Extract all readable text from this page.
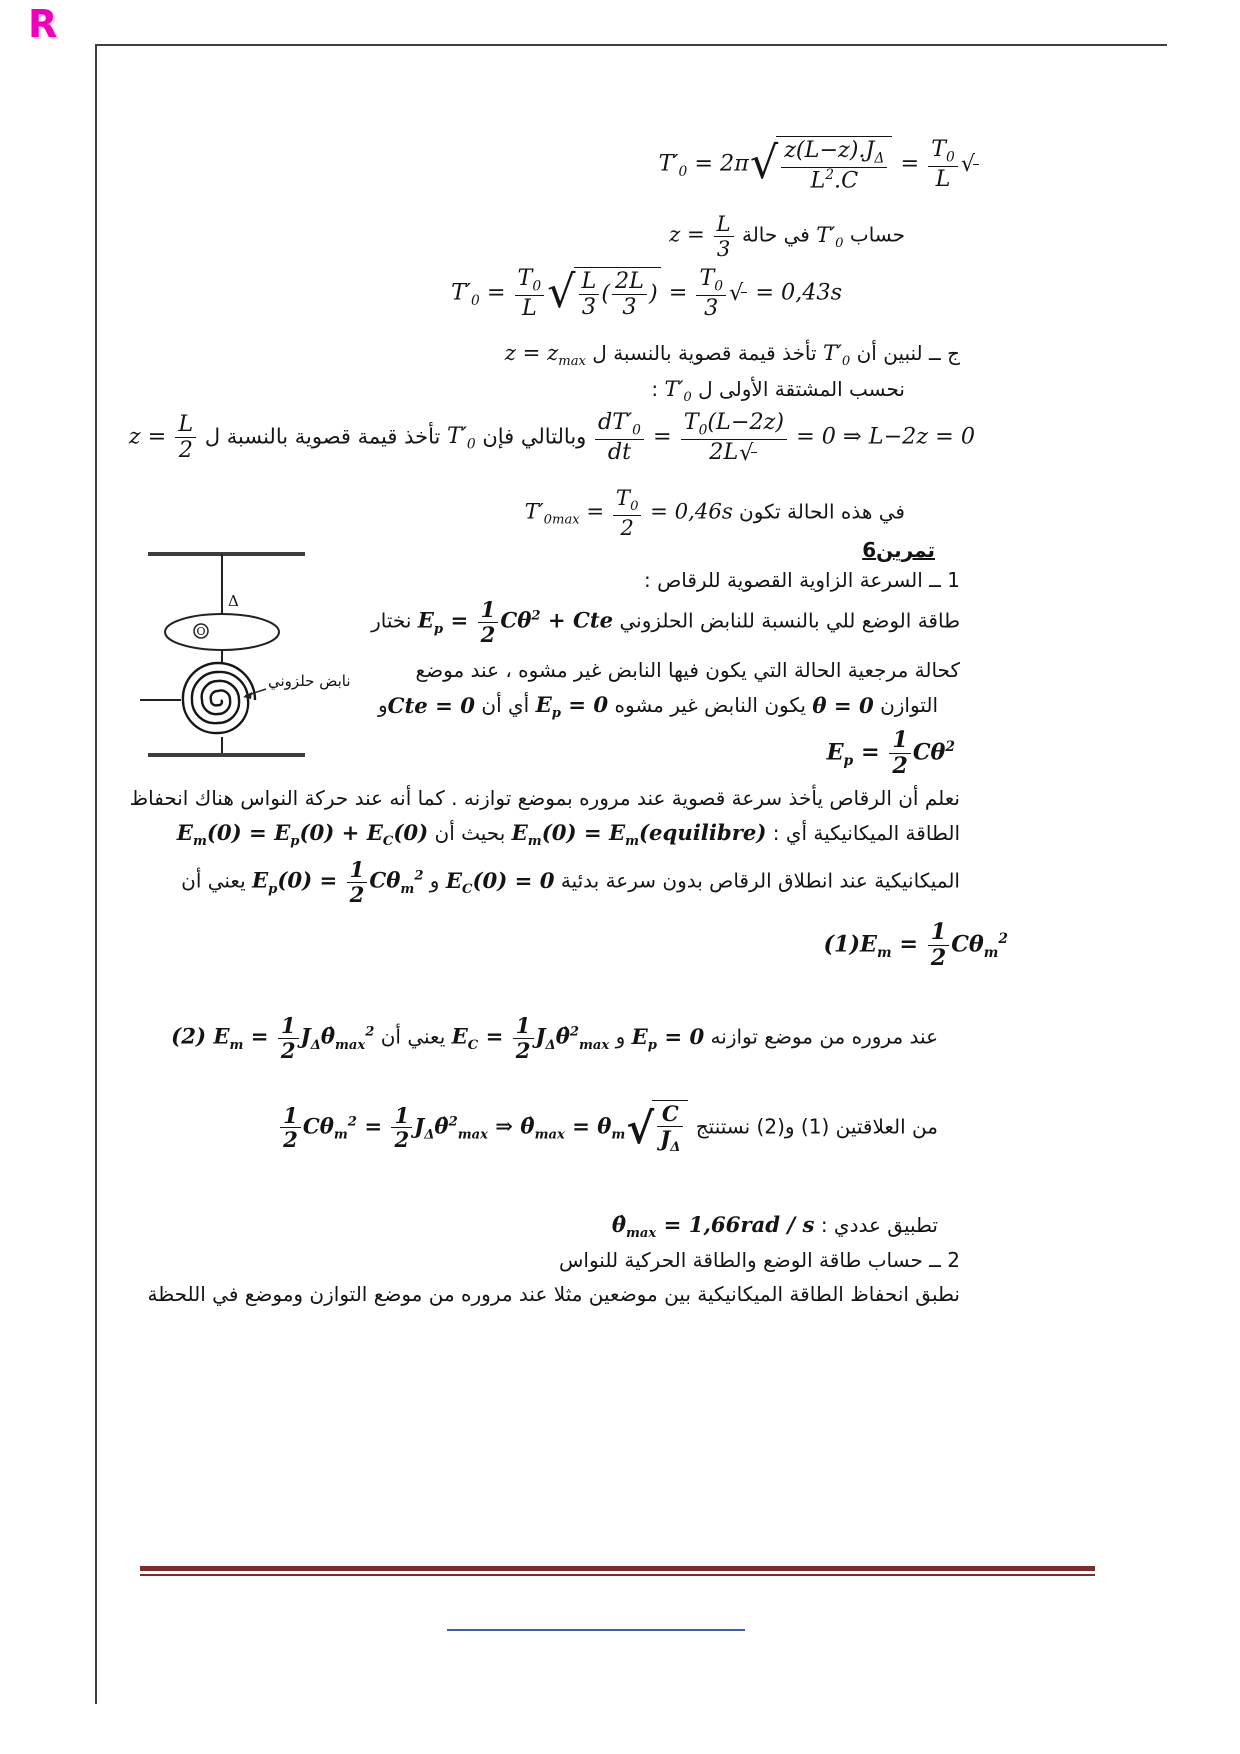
R
$T'_0 = 2\pi$ √ $\frac{z(L-z).J_\Delta}{L^2.C} = \frac{T_0}{L}$ √
حساب $T'_0$ في حالة $z = \frac{L}{3}$
$T'_0 = \frac{T_0}{L}$ √ $\frac{L}{3}$ ( $\frac{2L}{3}$ ) = $\frac{T_0}{3}$ √ = 0,43s
ج ــ لنبين أن $T'_0$ تأخذ قيمة قصوية بالنسبة ل $z = z_{max}$
نحسب المشتقة الأولى ل $T'_0$ :
$\frac{dT'_0}{dt} = \frac{T_0(L-2z)}{2L √} = 0$ ⇒ L−2z = 0 وبالتالي فإن $T'_0$ تأخذ قيمة قصوية بالنسبة ل $z = \frac{L}{2}$
في هذه الحالة تكون $T'_{0max} = \frac{T_0}{2} = 0,46s$
تمرين6
1 ــ السرعة الزاوية القصوية للرقاص :
طاقة الوضع للي بالنسبة للنابض الحلزوني $E_p = \frac{1}{2} C\theta^2$ + Cte نختار
كحالة مرجعية الحالة التي يكون فيها النابض غير مشوه ، عند موضع
التوازن θ = 0 يكون النابض غير مشوه $E_p = 0$ أي أن Cte = 0و
$E_p = \frac{1}{2} C\theta^2$
نعلم أن الرقاص يأخذ سرعة قصوية عند مروره بموضع توازنه . كما أنه عند حركة النواس هناك انحفاظ
الطاقة الميكانيكية أي : $E_m(0)$ = $E_m(equilibre)$ بحيث أن $E_m(0) = E_p(0) + E_C(0)$
الميكانيكية عند انطلاق الرقاص بدون سرعة بدئية $E_C(0) = 0$ و $E_p(0) = \frac{1}{2} C\theta_m^2$ يعني أن
$(1)E_m = \frac{1}{2} C\theta_m^2$
عند مروره من موضع توازنه $E_p = 0$ و $E_C = \frac{1}{2}$ $J_\Delta\thetȧ^2_{max}$ يعني أن (2) $E_m = \frac{1}{2}$ $J_\Delta\thetȧ_{max}^2$
من العلاقتين (1) و(2) نستنتج
$\frac{1}{2} C\theta_m^2 = \frac{1}{2}$ $J_\Delta\thetȧ^2_{max}$ ⇒ $\thetȧ_{max} = \theta_m$ √ $\frac{C}{J_\Delta}$
تطبيق عددي : $\thetȧ_{max} = 1,66rad / s$
2 ــ حساب طاقة الوضع والطاقة الحركية للنواس
نطبق انحفاظ الطاقة الميكانيكية بين موضعين مثلا عند مروره من موضع التوازن وموضع في اللحظة
Δ
O
نابض حلزوني
